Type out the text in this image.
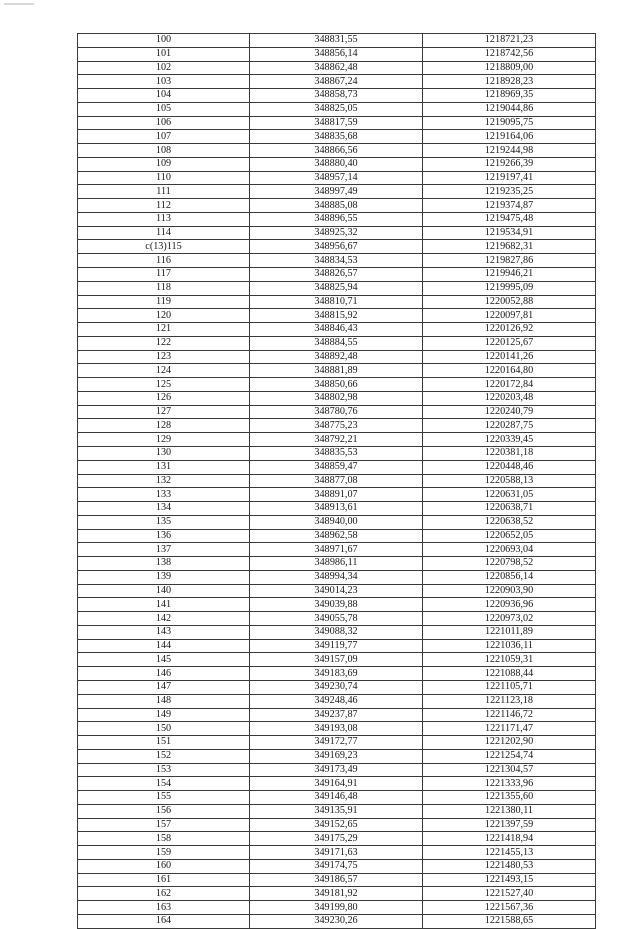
100	348831,55	1218721,23
101	348856,14	1218742,56
102	348862,48	1218809,00
103	348867,24	1218928,23
104	348858,73	1218969,35
105	348825,05	1219044,86
106	348817,59	1219095,75
107	348835,68	1219164,06
108	348866,56	1219244,98
109	348880,40	1219266,39
110	348957,14	1219197,41
111	348997,49	1219235,25
112	348885,08	1219374,87
113	348896,55	1219475,48
114	348925,32	1219534,91
c(13)115	348956,67	1219682,31
116	348834,53	1219827,86
117	348826,57	1219946,21
118	348825,94	1219995,09
119	348810,71	1220052,88
120	348815,92	1220097,81
121	348846,43	1220126,92
122	348884,55	1220125,67
123	348892,48	1220141,26
124	348881,89	1220164,80
125	348850,66	1220172,84
126	348802,98	1220203,48
127	348780,76	1220240,79
128	348775,23	1220287,75
129	348792,21	1220339,45
130	348835,53	1220381,18
131	348859,47	1220448,46
132	348877,08	1220588,13
133	348891,07	1220631,05
134	348913,61	1220638,71
135	348940,00	1220638,52
136	348962,58	1220652,05
137	348971,67	1220693,04
138	348986,11	1220798,52
139	348994,34	1220856,14
140	349014,23	1220903,90
141	349039,88	1220936,96
142	349055,78	1220973,02
143	349088,32	1221011,89
144	349119,77	1221036,11
145	349157,09	1221059,31
146	349183,69	1221088,44
147	349230,74	1221105,71
148	349248,46	1221123,18
149	349237,87	1221146,72
150	349193,08	1221171,47
151	349172,77	1221202,90
152	349169,23	1221254,74
153	349173,49	1221304,57
154	349164,91	1221333,96
155	349146,48	1221355,60
156	349135,91	1221380,11
157	349152,65	1221397,59
158	349175,29	1221418,94
159	349171,63	1221455,13
160	349174,75	1221480,53
161	349186,57	1221493,15
162	349181,92	1221527,40
163	349199,80	1221567,36
164	349230,26	1221588,65
